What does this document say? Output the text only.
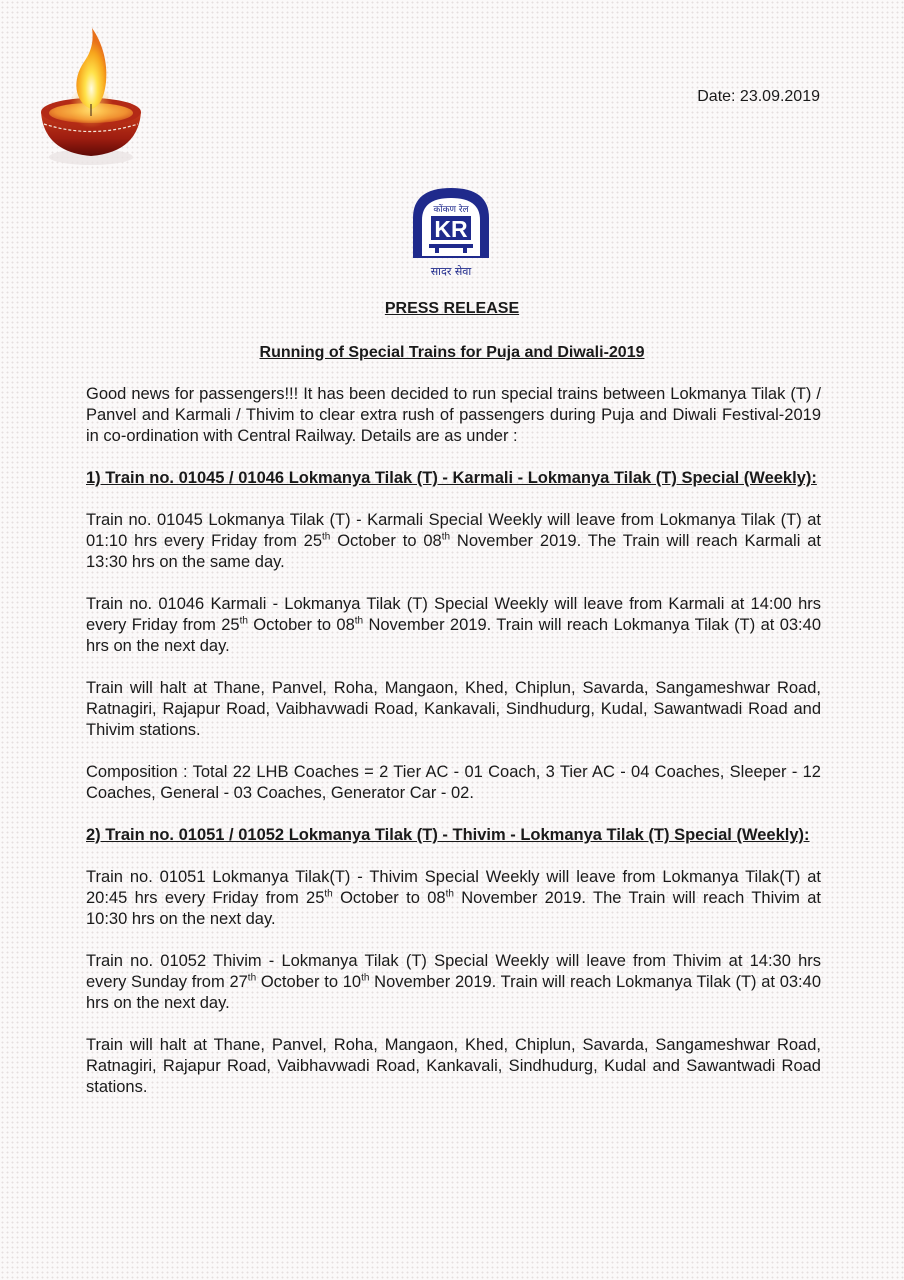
Date: 23.09.2019
कोंकण रेल
KR
सादर सेवा
PRESS RELEASE
Running of Special Trains for Puja and Diwali-2019

Good news for passengers!!! It has been decided to run special trains between Lokmanya Tilak (T) / Panvel and Karmali / Thivim to clear extra rush of passengers during Puja and Diwali Festival-2019 in co-ordination with Central Railway. Details are as under :

1) Train no. 01045 / 01046 Lokmanya Tilak (T) - Karmali - Lokmanya Tilak (T) Special (Weekly):

Train no. 01045 Lokmanya Tilak (T) - Karmali Special Weekly will leave from Lokmanya Tilak (T) at 01:10 hrs every Friday from 25th October to 08th November 2019. The Train will reach Karmali at 13:30 hrs on the same day.

Train no. 01046 Karmali - Lokmanya Tilak (T) Special Weekly will leave from Karmali at 14:00 hrs every Friday from 25th October to 08th November 2019. Train will reach Lokmanya Tilak (T) at 03:40 hrs on the next day.

Train will halt at Thane, Panvel, Roha, Mangaon, Khed, Chiplun, Savarda, Sangameshwar Road, Ratnagiri, Rajapur Road, Vaibhavwadi Road, Kankavali, Sindhudurg, Kudal, Sawantwadi Road and Thivim stations.

Composition : Total 22 LHB Coaches = 2 Tier AC - 01 Coach, 3 Tier AC - 04 Coaches, Sleeper - 12 Coaches, General - 03 Coaches, Generator Car - 02.

2) Train no. 01051 / 01052 Lokmanya Tilak (T) - Thivim - Lokmanya Tilak (T) Special (Weekly):

Train no. 01051 Lokmanya Tilak(T) - Thivim Special Weekly will leave from Lokmanya Tilak(T) at 20:45 hrs every Friday from 25th October to 08th November 2019. The Train will reach Thivim at 10:30 hrs on the next day.

Train no. 01052 Thivim - Lokmanya Tilak (T) Special Weekly will leave from Thivim at 14:30 hrs every Sunday from 27th October to 10th November 2019. Train will reach Lokmanya Tilak (T) at 03:40 hrs on the next day.

Train will halt at Thane, Panvel, Roha, Mangaon, Khed, Chiplun, Savarda, Sangameshwar Road, Ratnagiri, Rajapur Road, Vaibhavwadi Road, Kankavali, Sindhudurg, Kudal and Sawantwadi Road stations.
